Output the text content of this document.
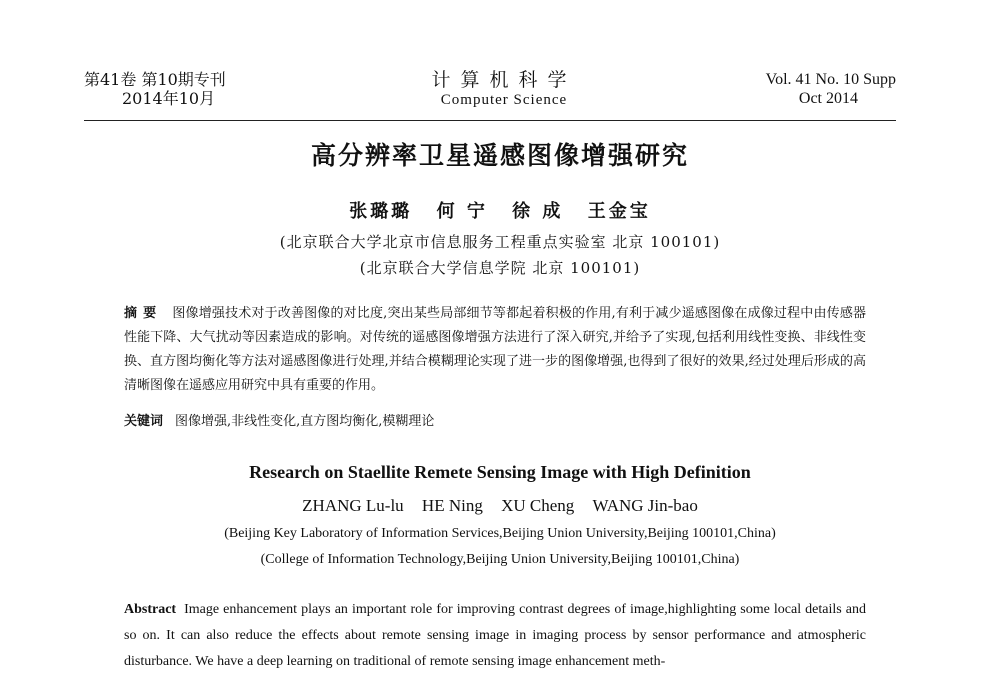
第41卷 第10期专刊
2014年10月
计算机科学
Computer Science
Vol. 41 No. 10 Supp
Oct 2014
高分辨率卫星遥感图像增强研究
张璐璐 何 宁 徐 成 王金宝
(北京联合大学北京市信息服务工程重点实验室 北京 100101)
(北京联合大学信息学院 北京 100101)
摘要 图像增强技术对于改善图像的对比度,突出某些局部细节等都起着积极的作用,有利于减少遥感图像在成像过程中由传感器性能下降、大气扰动等因素造成的影响。对传统的遥感图像增强方法进行了深入研究,并给予了实现,包括利用线性变换、非线性变换、直方图均衡化等方法对遥感图像进行处理,并结合模糊理论实现了进一步的图像增强,也得到了很好的效果,经过处理后形成的高清晰图像在遥感应用研究中具有重要的作用。
关键词 图像增强,非线性变化,直方图均衡化,模糊理论
Research on Staellite Remete Sensing Image with High Definition
ZHANG Lu-lu HE Ning XU Cheng WANG Jin-bao
(Beijing Key Laboratory of Information Services,Beijing Union University,Beijing 100101,China)
(College of Information Technology,Beijing Union University,Beijing 100101,China)
Abstract Image enhancement plays an important role for improving contrast degrees of image,highlighting some local details and so on. It can also reduce the effects about remote sensing image in imaging process by sensor performance and atmospheric disturbance. We have a deep learning on traditional of remote sensing image enhancement meth-
